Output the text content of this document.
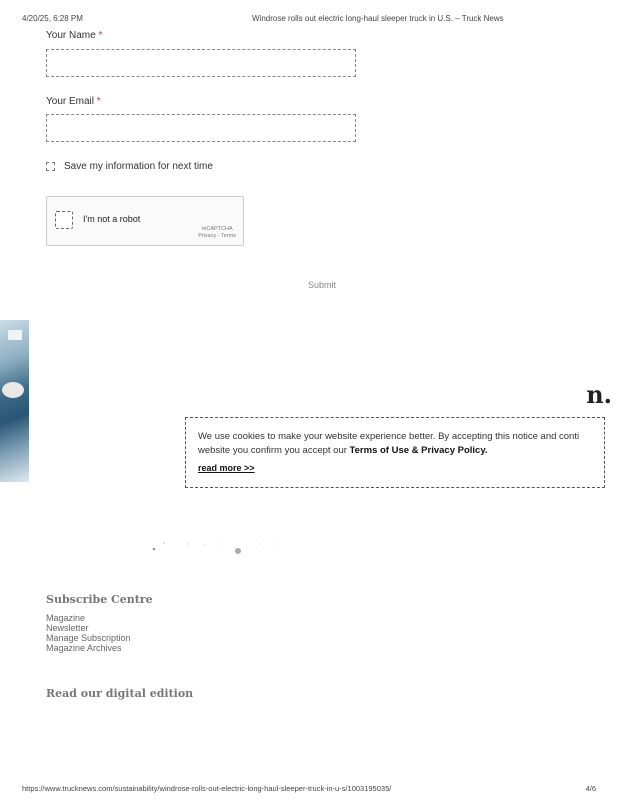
4/20/25, 6:28 PM	Windrose rolls out electric long-haul sleeper truck in U.S. – Truck News
Your Name *
Your Email *
Save my information for next time
I'm not a robot
reCAPTCHA
Privacy - Terms
Submit
n.
We use cookies to make your website experience better. By accepting this notice and conti
website you confirm you accept our Terms of Use & Privacy Policy.
read more >>
Subscribe Centre
Magazine
Newsletter
Manage Subscription
Magazine Archives
Read our digital edition
https://www.trucknews.com/sustainability/windrose-rolls-out-electric-long-haul-sleeper-truck-in-u-s/1003195035/	4/6
